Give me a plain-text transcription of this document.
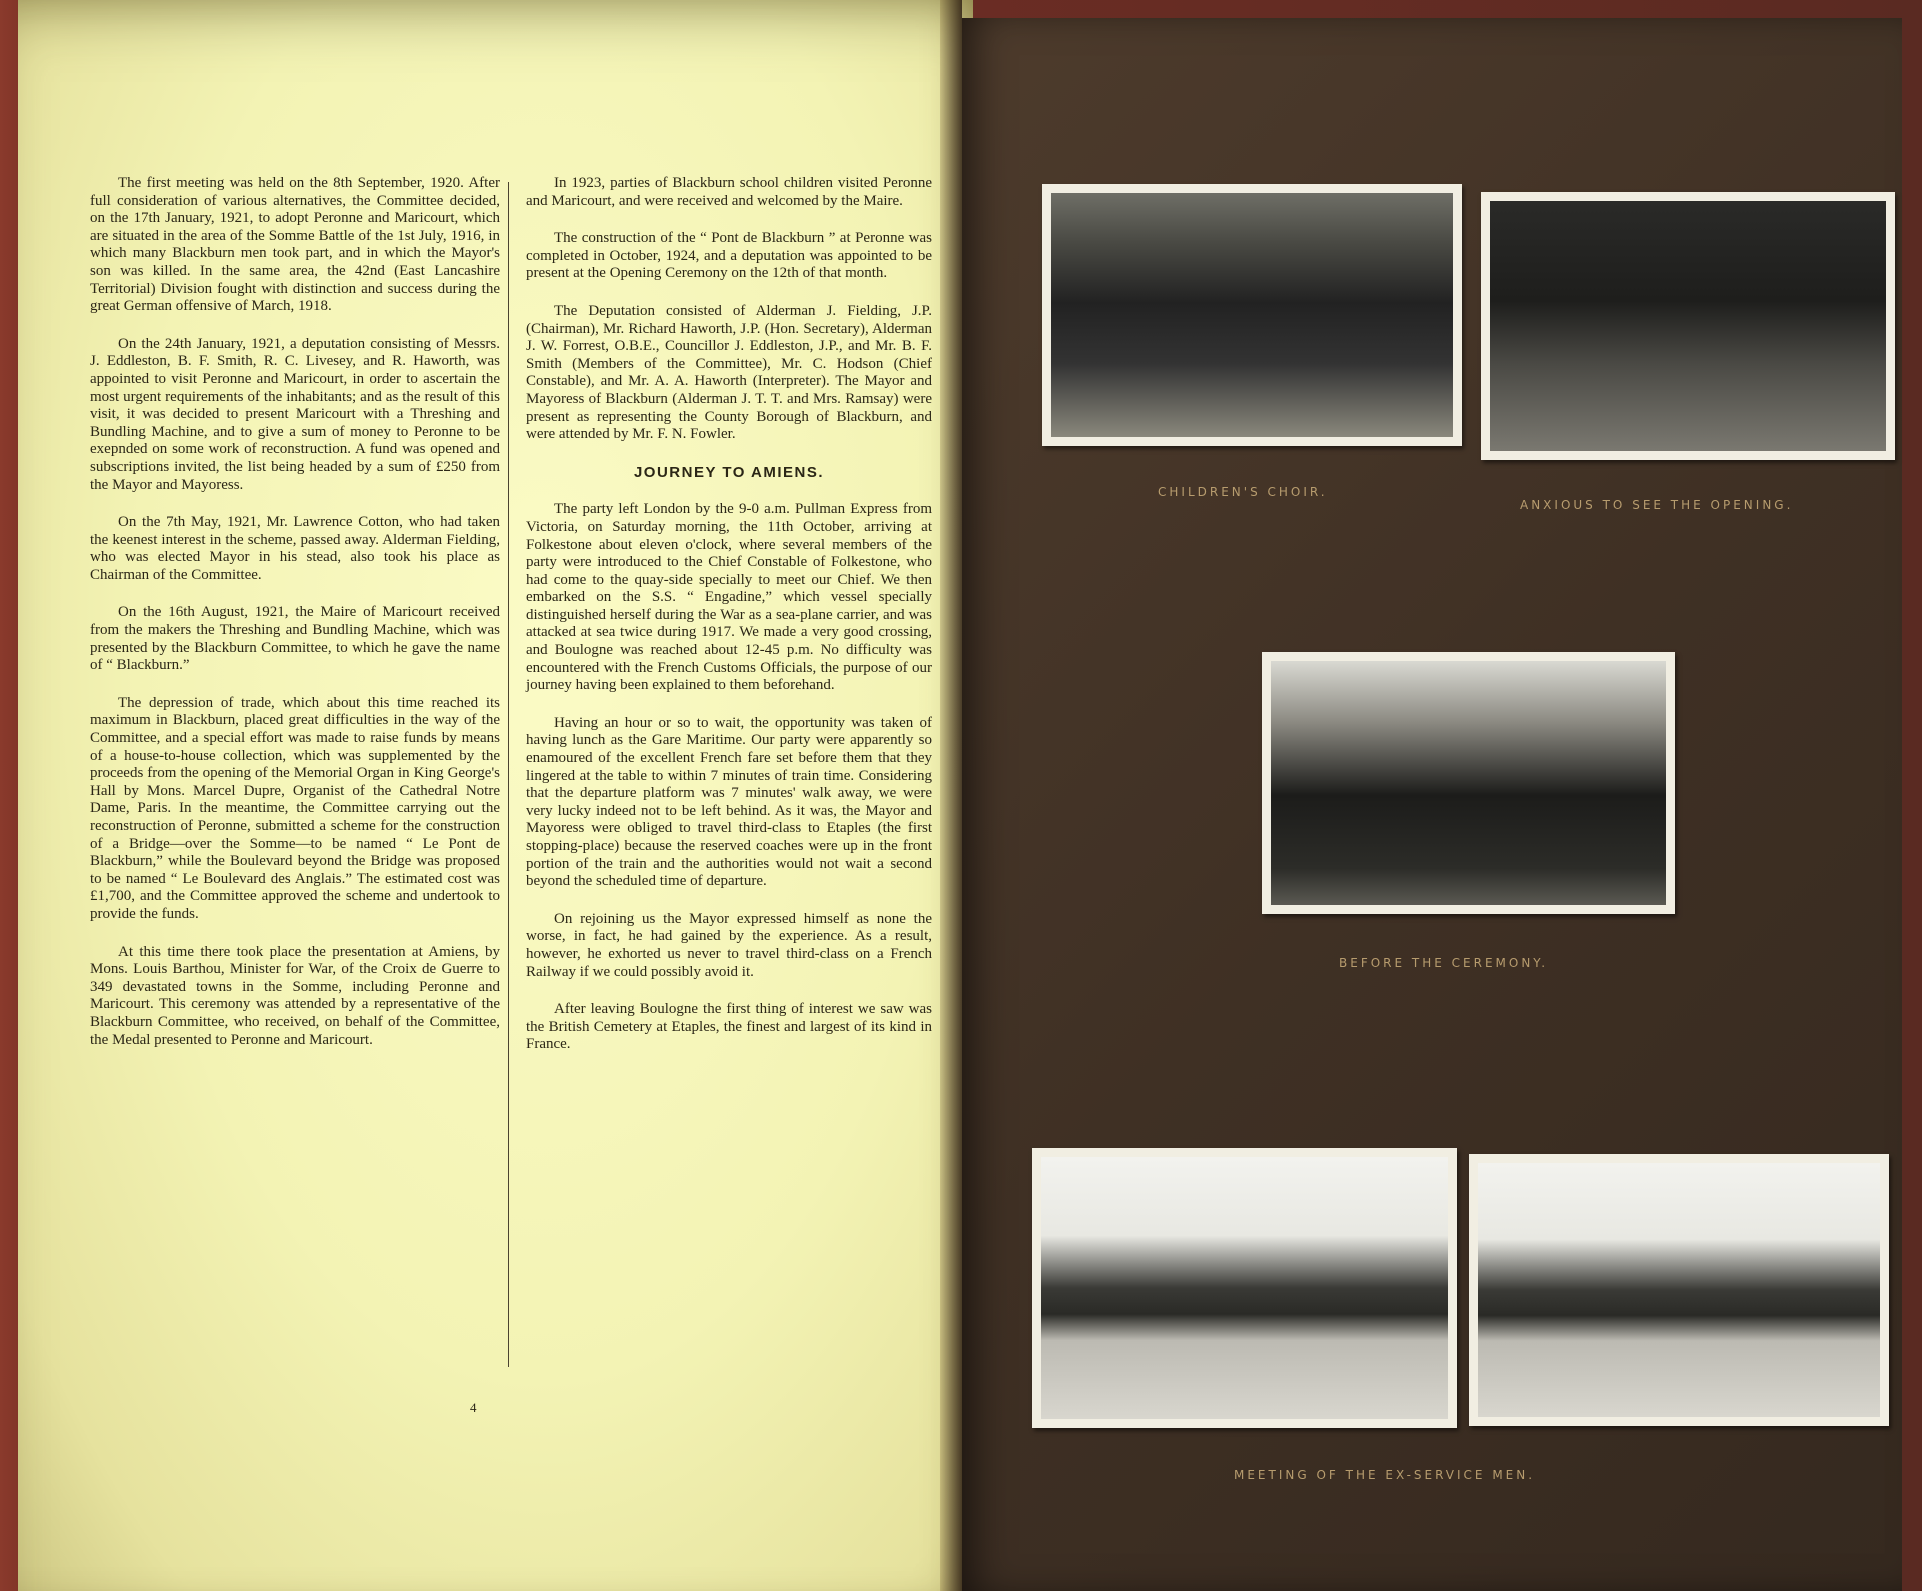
The first meeting was held on the 8th September, 1920. After full consideration of various alternatives, the Committee decided, on the 17th January, 1921, to adopt Peronne and Maricourt, which are situated in the area of the Somme Battle of the 1st July, 1916, in which many Blackburn men took part, and in which the Mayor's son was killed. In the same area, the 42nd (East Lancashire Territorial) Division fought with distinction and success during the great German offensive of March, 1918.

On the 24th January, 1921, a deputation consisting of Messrs. J. Eddleston, B. F. Smith, R. C. Livesey, and R. Haworth, was appointed to visit Peronne and Maricourt, in order to ascertain the most urgent requirements of the inhabitants; and as the result of this visit, it was decided to present Maricourt with a Threshing and Bundling Machine, and to give a sum of money to Peronne to be exepnded on some work of reconstruction. A fund was opened and subscriptions invited, the list being headed by a sum of £250 from the Mayor and Mayoress.

On the 7th May, 1921, Mr. Lawrence Cotton, who had taken the keenest interest in the scheme, passed away. Alderman Fielding, who was elected Mayor in his stead, also took his place as Chairman of the Committee.

On the 16th August, 1921, the Maire of Maricourt received from the makers the Threshing and Bundling Machine, which was presented by the Blackburn Committee, to which he gave the name of “ Blackburn.”

The depression of trade, which about this time reached its maximum in Blackburn, placed great difficulties in the way of the Committee, and a special effort was made to raise funds by means of a house-to-house collection, which was supplemented by the proceeds from the opening of the Memorial Organ in King George's Hall by Mons. Marcel Dupre, Organist of the Cathedral Notre Dame, Paris. In the meantime, the Committee carrying out the reconstruction of Peronne, submitted a scheme for the construction of a Bridge—over the Somme—to be named “ Le Pont de Blackburn,” while the Boulevard beyond the Bridge was proposed to be named “ Le Boulevard des Anglais.” The estimated cost was £1,700, and the Committee approved the scheme and undertook to provide the funds.

At this time there took place the presentation at Amiens, by Mons. Louis Barthou, Minister for War, of the Croix de Guerre to 349 devastated towns in the Somme, including Peronne and Maricourt. This ceremony was attended by a representative of the Blackburn Committee, who received, on behalf of the Committee, the Medal presented to Peronne and Maricourt.

In 1923, parties of Blackburn school children visited Peronne and Maricourt, and were received and welcomed by the Maire.

The construction of the “ Pont de Blackburn ” at Peronne was completed in October, 1924, and a deputation was appointed to be present at the Opening Ceremony on the 12th of that month.

The Deputation consisted of Alderman J. Fielding, J.P. (Chairman), Mr. Richard Haworth, J.P. (Hon. Secretary), Alderman J. W. Forrest, O.B.E., Councillor J. Eddleston, J.P., and Mr. B. F. Smith (Members of the Committee), Mr. C. Hodson (Chief Constable), and Mr. A. A. Haworth (Interpreter). The Mayor and Mayoress of Blackburn (Alderman J. T. T. and Mrs. Ramsay) were present as representing the County Borough of Blackburn, and were attended by Mr. F. N. Fowler.

JOURNEY TO AMIENS.

The party left London by the 9-0 a.m. Pullman Express from Victoria, on Saturday morning, the 11th October, arriving at Folkestone about eleven o'clock, where several members of the party were introduced to the Chief Constable of Folkestone, who had come to the quay-side specially to meet our Chief. We then embarked on the S.S. “ Engadine,” which vessel specially distinguished herself during the War as a sea-plane carrier, and was attacked at sea twice during 1917. We made a very good crossing, and Boulogne was reached about 12-45 p.m. No difficulty was encountered with the French Customs Officials, the purpose of our journey having been explained to them beforehand.

Having an hour or so to wait, the opportunity was taken of having lunch as the Gare Maritime. Our party were apparently so enamoured of the excellent French fare set before them that they lingered at the table to within 7 minutes of train time. Considering that the departure platform was 7 minutes' walk away, we were very lucky indeed not to be left behind. As it was, the Mayor and Mayoress were obliged to travel third-class to Etaples (the first stopping-place) because the reserved coaches were up in the front portion of the train and the authorities would not wait a second beyond the scheduled time of departure.

On rejoining us the Mayor expressed himself as none the worse, in fact, he had gained by the experience. As a result, however, he exhorted us never to travel third-class on a French Railway if we could possibly avoid it.

After leaving Boulogne the first thing of interest we saw was the British Cemetery at Etaples, the finest and largest of its kind in France.

4
CHILDREN'S CHOIR.
ANXIOUS TO SEE THE OPENING.
BEFORE THE CEREMONY.
MEETING OF THE EX-SERVICE MEN.
